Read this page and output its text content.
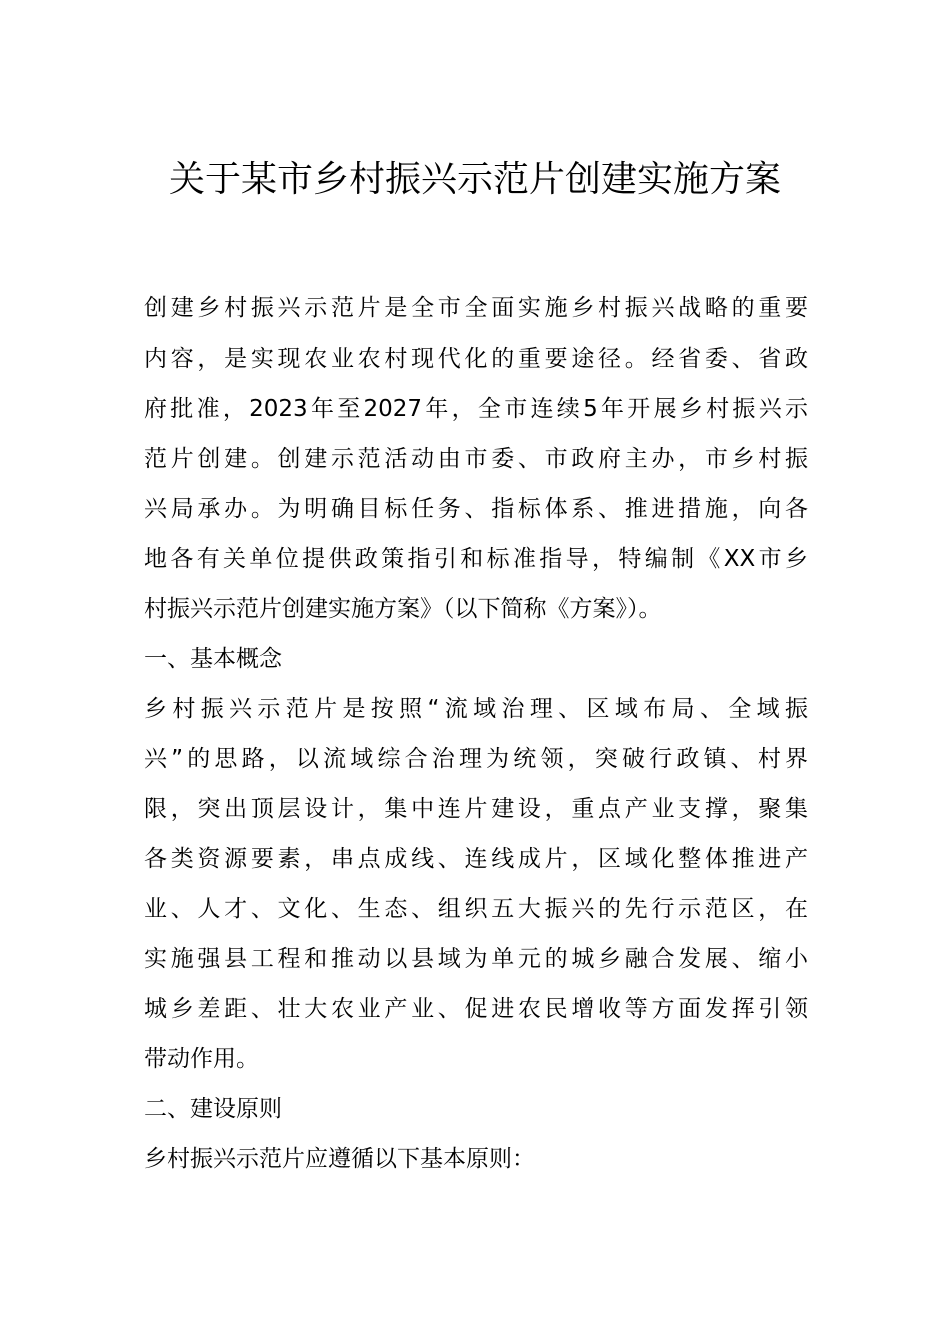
关于某市乡村振兴示范片创建实施方案
创建乡村振兴示范片是全市全面实施乡村振兴战略的重要
内容，是实现农业农村现代化的重要途径。经省委、省政
府批准，2023年至2027年，全市连续5年开展乡村振兴示
范片创建。创建示范活动由市委、市政府主办，市乡村振
兴局承办。为明确目标任务、指标体系、推进措施，向各
地各有关单位提供政策指引和标准指导，特编制《XX市乡
村振兴示范片创建实施方案》（以下简称《方案》）。
一、基本概念
乡村振兴示范片是按照“流域治理、区域布局、全域振
兴”的思路，以流域综合治理为统领，突破行政镇、村界
限，突出顶层设计，集中连片建设，重点产业支撑，聚集
各类资源要素，串点成线、连线成片，区域化整体推进产
业、人才、文化、生态、组织五大振兴的先行示范区，在
实施强县工程和推动以县域为单元的城乡融合发展、缩小
城乡差距、壮大农业产业、促进农民增收等方面发挥引领
带动作用。
二、建设原则
乡村振兴示范片应遵循以下基本原则：
